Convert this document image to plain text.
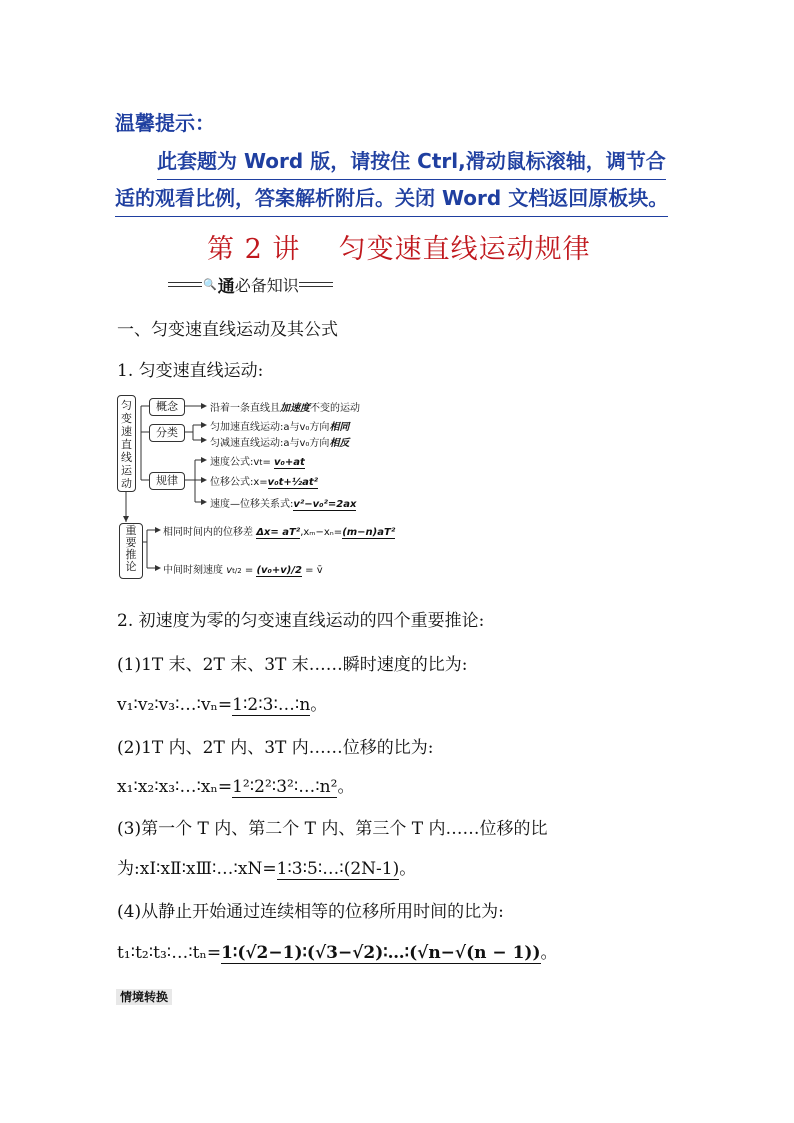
温馨提示：
此套题为 Word 版，请按住 Ctrl,滑动鼠标滚轴，调节合
适的观看比例，答案解析附后。关闭 Word 文档返回原板块。
第 2 讲    匀变速直线运动规律
🔍 通 必备知识
一、匀变速直线运动及其公式
1. 匀变速直线运动:
匀变速直线运动
概念	沿着一条直线且加速度不变的运动
分类	匀加速直线运动:a与v₀方向相同
匀减速直线运动:a与v₀方向相反
规律
速度公式:vt= v₀+at
位移公式:x=v₀t+½at²
速度—位移关系式:v²−v₀²=2ax
重要推论
相同时间内的位移差 Δx= aT²,xₘ−xₙ=(m−n)aT²
中间时刻速度 vt/2 = (v₀+v)/2 = v̄
2. 初速度为零的匀变速直线运动的四个重要推论:
(1)1T 末、2T 末、3T 末……瞬时速度的比为:
v₁∶v₂∶v₃∶…∶vₙ=1∶2∶3∶…∶n。
(2)1T 内、2T 内、3T 内……位移的比为:
x₁∶x₂∶x₃∶…∶xₙ=1²∶2²∶3²∶…∶n²。
(3)第一个 T 内、第二个 T 内、第三个 T 内……位移的比
为:xⅠ∶xⅡ∶xⅢ∶…∶xN=1∶3∶5∶…∶(2N-1)。
(4)从静止开始通过连续相等的位移所用时间的比为:
t₁∶t₂∶t₃∶…∶tₙ=1∶(√2−1)∶(√3−√2)∶…∶(√n−√(n − 1))。
情境转换
